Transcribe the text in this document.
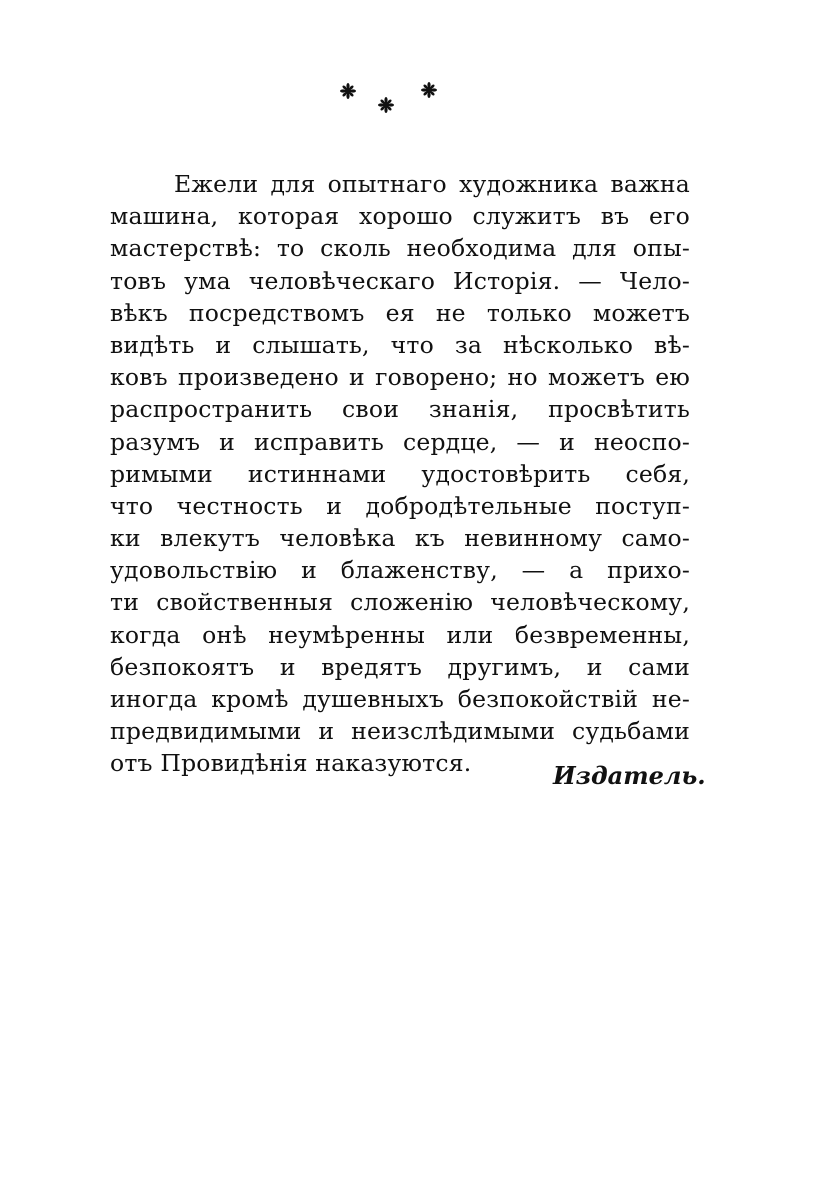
Ежели для опытнаго художника важна
машина, которая хорошо служитъ въ его
мастерствѣ: то сколь необходима для опы-
товъ ума человѣческаго Исторія. — Чело-
вѣкъ посредствомъ ея не только можетъ
видѣть и слышать, что за нѣсколько вѣ-
ковъ произведено и говорено; но можетъ ею
распространить свои знанія, просвѣтить
разумъ и исправить сердце, — и неоспо-
римыми истиннами удостовѣрить себя,
что честность и добродѣтельные поступ-
ки влекутъ человѣка къ невинному само-
удовольствію и блаженству, — а прихо-
ти свойственныя сложенію человѣческому,
когда онѣ неумѣренны или безвременны,
безпокоятъ и вредятъ другимъ, и сами
иногда кромѣ душевныхъ безпокойствій не-
предвидимыми и неизслѣдимыми судьбами
отъ Провидѣнія наказуются.	Издатель.
